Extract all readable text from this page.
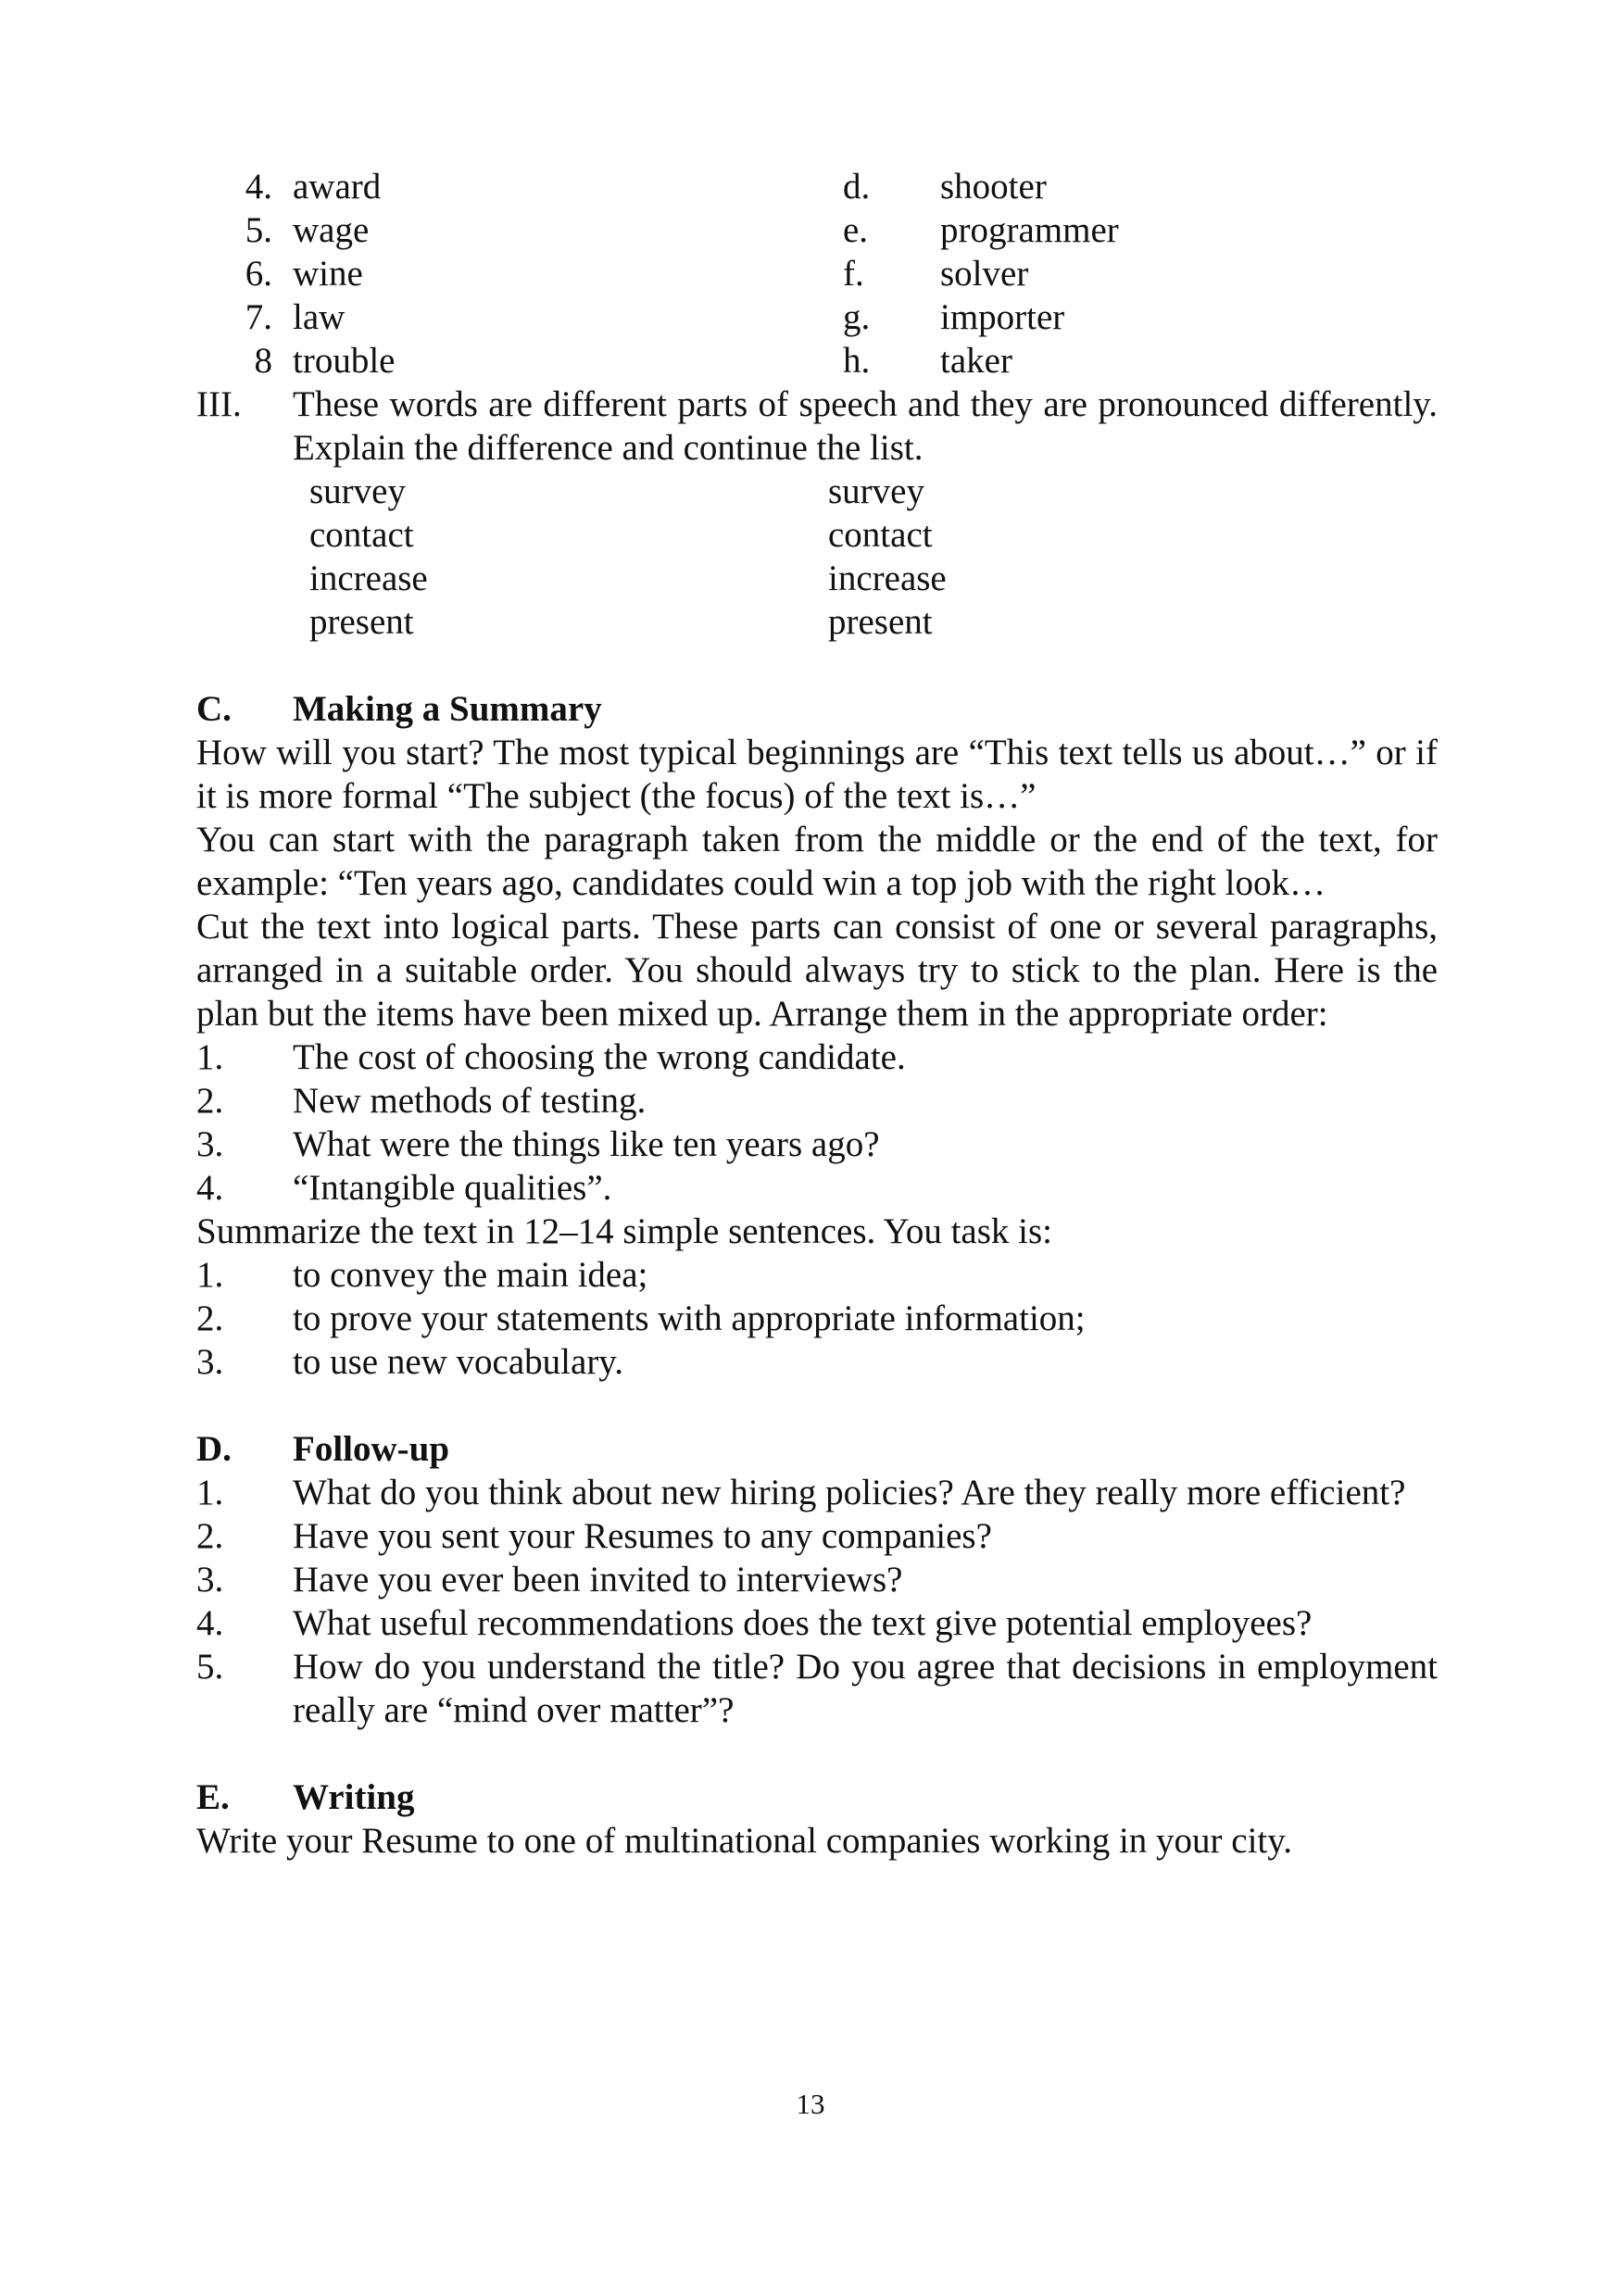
4. award	d.	shooter
5. wage	e.	programmer
6. wine	f.	solver
7. law	g.	importer
8 trouble	h.	taker
III.	These words are different parts of speech and they are pronounced differently. Explain the difference and continue the list.
survey	survey
contact	contact
increase	increase
present	present
C.	Making a Summary
How will you start? The most typical beginnings are “This text tells us about…” or if it is more formal “The subject (the focus) of the text is…”
You can start with the paragraph taken from the middle or the end of the text, for example: “Ten years ago, candidates could win a top job with the right look…
Cut the text into logical parts. These parts can consist of one or several paragraphs, arranged in a suitable order. You should always try to stick to the plan. Here is the plan but the items have been mixed up. Arrange them in the appropriate order:
1.	The cost of choosing the wrong candidate.
2.	New methods of testing.
3.	What were the things like ten years ago?
4.	“Intangible qualities”.
Summarize the text in 12–14 simple sentences. You task is:
1.	to convey the main idea;
2.	to prove your statements with appropriate information;
3.	to use new vocabulary.
D.	Follow-up
1.	What do you think about new hiring policies? Are they really more efficient?
2.	Have you sent your Resumes to any companies?
3.	Have you ever been invited to interviews?
4.	What useful recommendations does the text give potential employees?
5.	How do you understand the title? Do you agree that decisions in employment really are “mind over matter”?
E.	Writing
Write your Resume to one of multinational companies working in your city.
13
